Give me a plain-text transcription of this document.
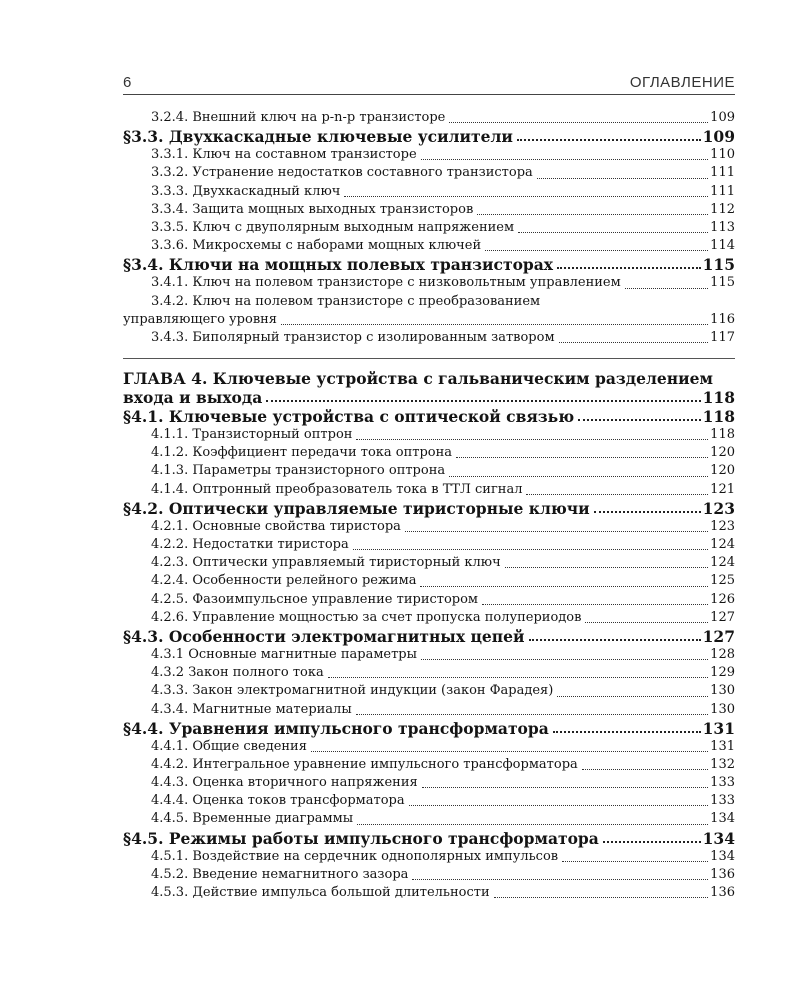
6	ОГЛАВЛЕНИЕ
3.2.4. Внешний ключ на p-n-p транзисторе	109
§3.3. Двухкаскадные ключевые усилители	109
3.3.1. Ключ на составном транзисторе	110
3.3.2. Устранение недостатков составного транзистора	111
3.3.3. Двухкаскадный ключ	111
3.3.4. Защита мощных выходных транзисторов	112
3.3.5. Ключ с двуполярным выходным напряжением	113
3.3.6. Микросхемы с наборами мощных ключей	114
§3.4. Ключи на мощных полевых транзисторах	115
3.4.1. Ключ на полевом транзисторе с низковольтным управлением	115
3.4.2. Ключ на полевом транзисторе с преобразованием
управляющего уровня	116
3.4.3. Биполярный транзистор с изолированным затвором	117
ГЛАВА 4. Ключевые устройства с гальваническим разделением
входа и выхода	118
§4.1. Ключевые устройства с оптической связью	118
4.1.1. Транзисторный оптрон	118
4.1.2. Коэффициент передачи тока оптрона	120
4.1.3. Параметры транзисторного оптрона	120
4.1.4. Оптронный преобразователь тока в ТТЛ сигнал	121
§4.2. Оптически управляемые тиристорные ключи	123
4.2.1. Основные свойства тиристора	123
4.2.2. Недостатки тиристора	124
4.2.3. Оптически управляемый тиристорный ключ	124
4.2.4. Особенности релейного режима	125
4.2.5. Фазоимпульсное управление тиристором	126
4.2.6. Управление мощностью за счет пропуска полупериодов	127
§4.3. Особенности электромагнитных цепей	127
4.3.1 Основные магнитные параметры	128
4.3.2 Закон полного тока	129
4.3.3. Закон электромагнитной индукции (закон Фарадея)	130
4.3.4. Магнитные материалы	130
§4.4. Уравнения импульсного трансформатора	131
4.4.1. Общие сведения	131
4.4.2. Интегральное уравнение импульсного трансформатора	132
4.4.3. Оценка вторичного напряжения	133
4.4.4. Оценка токов трансформатора	133
4.4.5. Временные диаграммы	134
§4.5. Режимы работы импульсного трансформатора	134
4.5.1. Воздействие на сердечник однополярных импульсов	134
4.5.2. Введение немагнитного зазора	136
4.5.3. Действие импульса большой длительности	136
